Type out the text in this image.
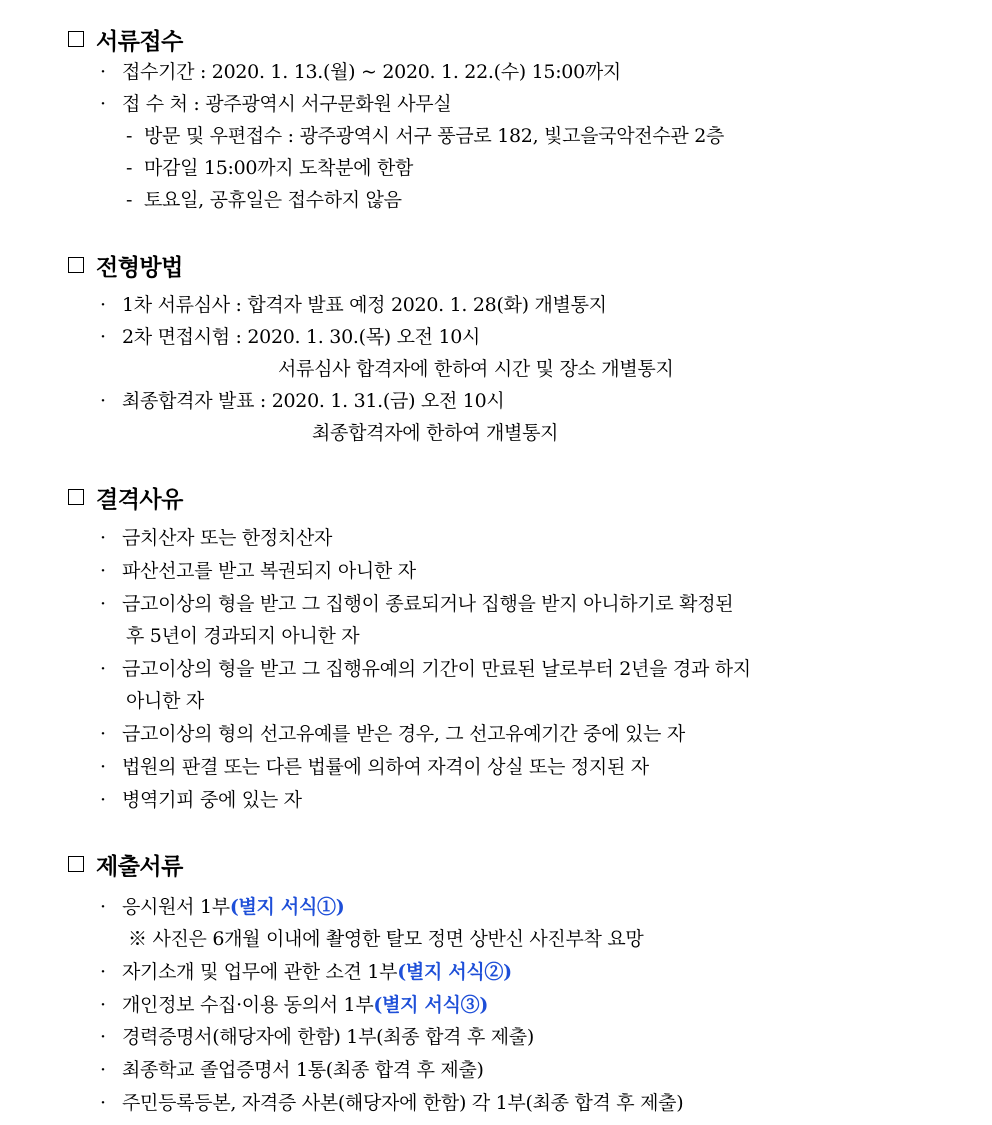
서류접수
· 접수기간 : 2020. 1. 13.(월) ~ 2020. 1. 22.(수) 15:00까지
· 접 수 처 : 광주광역시 서구문화원 사무실
- 방문 및 우편접수 : 광주광역시 서구 풍금로 182, 빛고을국악전수관 2층
- 마감일 15:00까지 도착분에 한함
- 토요일, 공휴일은 접수하지 않음
전형방법
· 1차 서류심사 : 합격자 발표 예정 2020. 1. 28(화) 개별통지
· 2차 면접시험 : 2020. 1. 30.(목) 오전 10시
서류심사 합격자에 한하여 시간 및 장소 개별통지
· 최종합격자 발표 : 2020. 1. 31.(금) 오전 10시
최종합격자에 한하여 개별통지
결격사유
· 금치산자 또는 한정치산자
· 파산선고를 받고 복권되지 아니한 자
· 금고이상의 형을 받고 그 집행이 종료되거나 집행을 받지 아니하기로 확정된
후 5년이 경과되지 아니한 자
· 금고이상의 형을 받고 그 집행유예의 기간이 만료된 날로부터 2년을 경과 하지
아니한 자
· 금고이상의 형의 선고유예를 받은 경우, 그 선고유예기간 중에 있는 자
· 법원의 판결 또는 다른 법률에 의하여 자격이 상실 또는 정지된 자
· 병역기피 중에 있는 자
제출서류
· 응시원서 1부(별지 서식①)
※ 사진은 6개월 이내에 촬영한 탈모 정면 상반신 사진부착 요망
· 자기소개 및 업무에 관한 소견 1부(별지 서식②)
· 개인정보 수집·이용 동의서 1부(별지 서식③)
· 경력증명서(해당자에 한함) 1부(최종 합격 후 제출)
· 최종학교 졸업증명서 1통(최종 합격 후 제출)
· 주민등록등본, 자격증 사본(해당자에 한함) 각 1부(최종 합격 후 제출)
